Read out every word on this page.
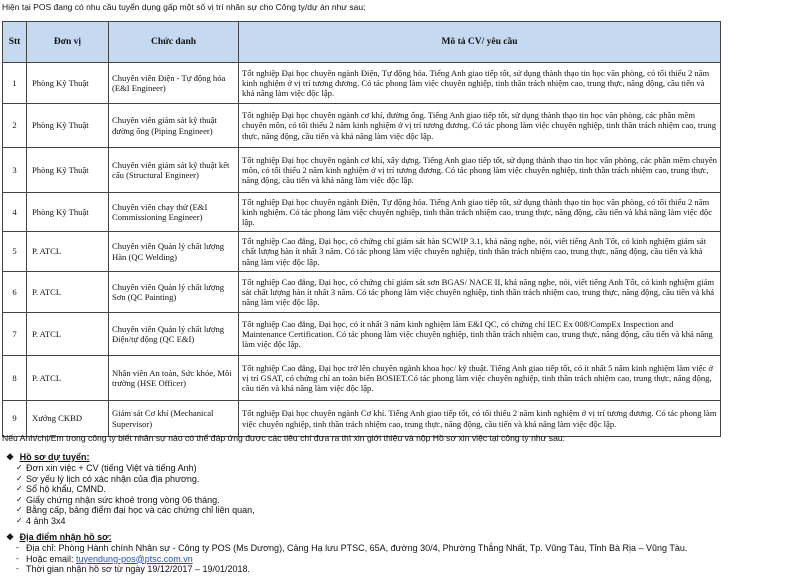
Hiện tại POS đang có nhu cầu tuyển dụng gấp một số vị trí nhân sự cho Công ty/dự án như sau;
Stt	Đơn vị	Chức danh	Mô tả CV/ yêu cầu
1	Phòng Kỹ Thuật	Chuyên viên Điện - Tự động hóa (E&I Engineer)	Tốt nghiệp Đại học chuyên ngành Điện, Tự động hóa. Tiếng Anh giao tiếp tốt, sử dụng thành thạo tin học văn phòng, có tối thiểu 2 năm kinh nghiệm ở vị trí tương đương. Có tác phong làm việc chuyên nghiệp, tinh thần trách nhiệm cao, trung thực, năng động, cầu tiến và khả năng làm việc độc lập.
2	Phòng Kỹ Thuật	Chuyên viên giám sát kỹ thuật đường ống (Piping Engineer)	Tốt nghiệp Đại học chuyên ngành cơ khí, đường ống. Tiếng Anh giao tiếp tốt, sử dụng thành thạo tin học văn phòng, các phần mềm chuyên môn, có tối thiểu 2 năm kinh nghiệm ở vị trí tương đương. Có tác phong làm việc chuyên nghiệp, tinh thần trách nhiệm cao, trung thực, năng động, cầu tiến và khả năng làm việc độc lập.
3	Phòng Kỹ Thuật	Chuyên viên giám sát kỹ thuật kết cấu (Structural Engineer)	Tốt nghiệp Đại học chuyên ngành cơ khí, xây dựng. Tiếng Anh giao tiếp tốt, sử dụng thành thạo tin học văn phòng, các phần mềm chuyên môn, có tối thiểu 2 năm kinh nghiệm ở vị trí tương đương. Có tác phong làm việc chuyên nghiệp, tinh thần trách nhiệm cao, trung thực, năng động, cầu tiến và khả năng làm việc độc lập.
4	Phòng Kỹ Thuật	Chuyên viên chạy thử (E&I Commissioning Engineer)	Tốt nghiệp Đại học chuyên ngành Điện, Tự động hóa. Tiếng Anh giao tiếp tốt, sử dụng thành thạo tin học văn phòng, có tối thiểu 2 năm kinh nghiệm. Có tác phong làm việc chuyên nghiệp, tinh thần trách nhiệm cao, trung thực, năng động, cầu tiến và khả năng làm việc độc lập.
5	P. ATCL	Chuyên viên Quản lý chất lượng Hàn (QC Welding)	Tốt nghiệp Cao đẳng, Đại học, có chứng chỉ giám sát hàn SCWIP 3.1, khả năng nghe, nói, viết tiếng Anh Tốt, có kinh nghiệm giám sát chất lượng hàn ít nhất 3 năm. Có tác phong làm việc chuyên nghiệp, tinh thần trách nhiệm cao, trung thực, năng động, cầu tiến và khả năng làm việc độc lập.
6	P. ATCL	Chuyên viên Quản lý chất lượng Sơn (QC Painting)	Tốt nghiệp Cao đẳng, Đại học, có chứng chỉ giám sát sơn BGAS/ NACE II, khả năng nghe, nói, viết tiếng Anh Tốt, có kinh nghiệm giám sát chất lượng hàn ít nhất 3 năm. Có tác phong làm việc chuyên nghiệp, tinh thần trách nhiệm cao, trung thực, năng động, cầu tiến và khả năng làm việc độc lập.
7	P. ATCL	Chuyên viên Quản lý chất lượng Điện/tự động (QC E&I)	Tốt nghiệp Cao đẳng, Đại học, có ít nhất 3 năm kinh nghiệm làm E&I QC, có chứng chỉ IEC Ex 008/CompEx Inspection and Maintenance Certification. Có tác phong làm việc chuyên nghiệp, tinh thần trách nhiệm cao, trung thực, năng động, cầu tiến và khả năng làm việc độc lập.
8	P. ATCL	Nhân viên An toàn, Sức khỏe, Môi trường (HSE Officer)	Tốt nghiệp Cao đẳng, Đại học trở lên chuyên ngành khoa học/ kỹ thuật. Tiếng Anh giao tiếp tốt, có ít nhất 5 năm kinh nghiệm làm việc ở vị trí GSAT, có chứng chỉ an toàn biển BOSIET.Có tác phong làm việc chuyên nghiệp, tinh thần trách nhiệm cao, trung thực, năng động, cầu tiến và khả năng làm việc độc lập.
9	Xưởng CKBD	Giám sát Cơ khí (Mechanical Supervisor)	Tốt nghiệp Đại học chuyên ngành Cơ khí. Tiếng Anh giao tiếp tốt, có tối thiểu 2 năm kinh nghiệm ở vị trí tương đương. Có tác phong làm việc chuyên nghiệp, tinh thần trách nhiệm cao, trung thực, năng động, cầu tiến và khả năng làm việc độc lập.
Nếu Anh/chị/Em trong công ty biết nhân sự nào có thể đáp ứng được các tiêu chí đưa ra thì xin giới thiệu và nộp Hồ sơ xin việc tại công ty như sau:
❖ Hồ sơ dự tuyển:
✓ Đơn xin việc + CV (tiếng Việt và tiếng Anh)
✓ Sơ yếu lý lịch có xác nhận của địa phương.
✓ Sổ hộ khẩu, CMND.
✓ Giấy chứng nhận sức khoẻ trong vòng 06 tháng.
✓ Bằng cấp, bảng điểm đại học và các chứng chỉ liên quan,
✓ 4 ảnh 3x4
❖ Địa điểm nhận hồ sơ:
- Địa chỉ: Phòng Hành chính Nhân sự - Công ty POS (Ms Dương), Cảng Hạ lưu PTSC, 65A, đường 30/4, Phường Thắng Nhất, Tp. Vũng Tàu, Tỉnh Bà Rịa – Vũng Tàu.
- Hoặc email: tuyendung-pos@ptsc.com.vn
- Thời gian nhận hồ sơ từ ngày 19/12/2017 – 19/01/2018.
